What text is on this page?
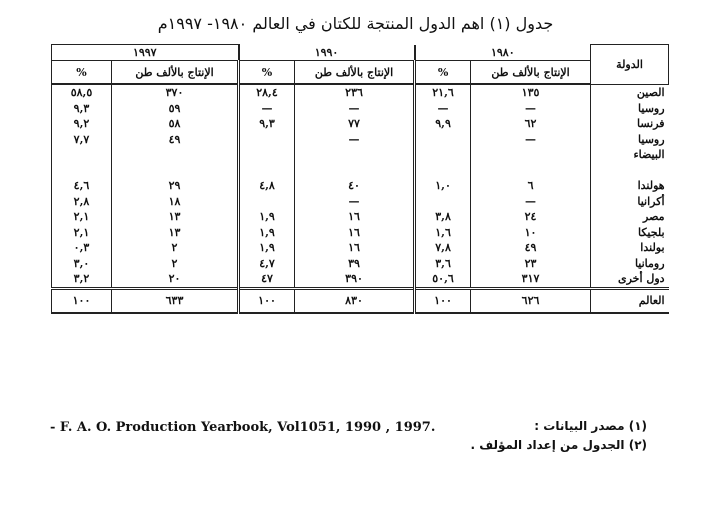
جدول (١) اهم الدول المنتجة للكتان في العالم ١٩٨٠- ١٩٩٧م
الدولة	١٩٨٠		١٩٩٠		١٩٩٧	
	الإنتاج بالألف طن	%	الإنتاج بالألف طن	%	الإنتاج بالألف طن	%
الصين	١٣٥	٢١,٦	٢٣٦	٢٨,٤	٣٧٠	٥٨,٥
روسيا	—	—	—	—	٥٩	٩,٣
فرنسا	٦٢	٩,٩	٧٧	٩,٣	٥٨	٩,٢
روسيا	—		—		٤٩	٧,٧
البيضاء						

هولندا	٦	١,٠	٤٠	٤,٨	٢٩	٤,٦
أكرانيا	—		—		١٨	٢,٨
مصر	٢٤	٣,٨	١٦	١,٩	١٣	٢,١
بلجيكا	١٠	١,٦	١٦	١,٩	١٣	٢,١
بولندا	٤٩	٧,٨	١٦	١,٩	٢	٠,٣
رومانيا	٢٣	٣,٦	٣٩	٤,٧	٢	٣,٠
دول أخرى	٣١٧	٥٠,٦	٣٩٠	٤٧	٢٠	٣,٢
العالم	٦٢٦	١٠٠	٨٣٠	١٠٠	٦٣٣	١٠٠
(١) مصدر البيانات :
- F. A. O. Production Yearbook, Vol1051, 1990 , 1997.
(٢) الجدول من إعداد المؤلف .
